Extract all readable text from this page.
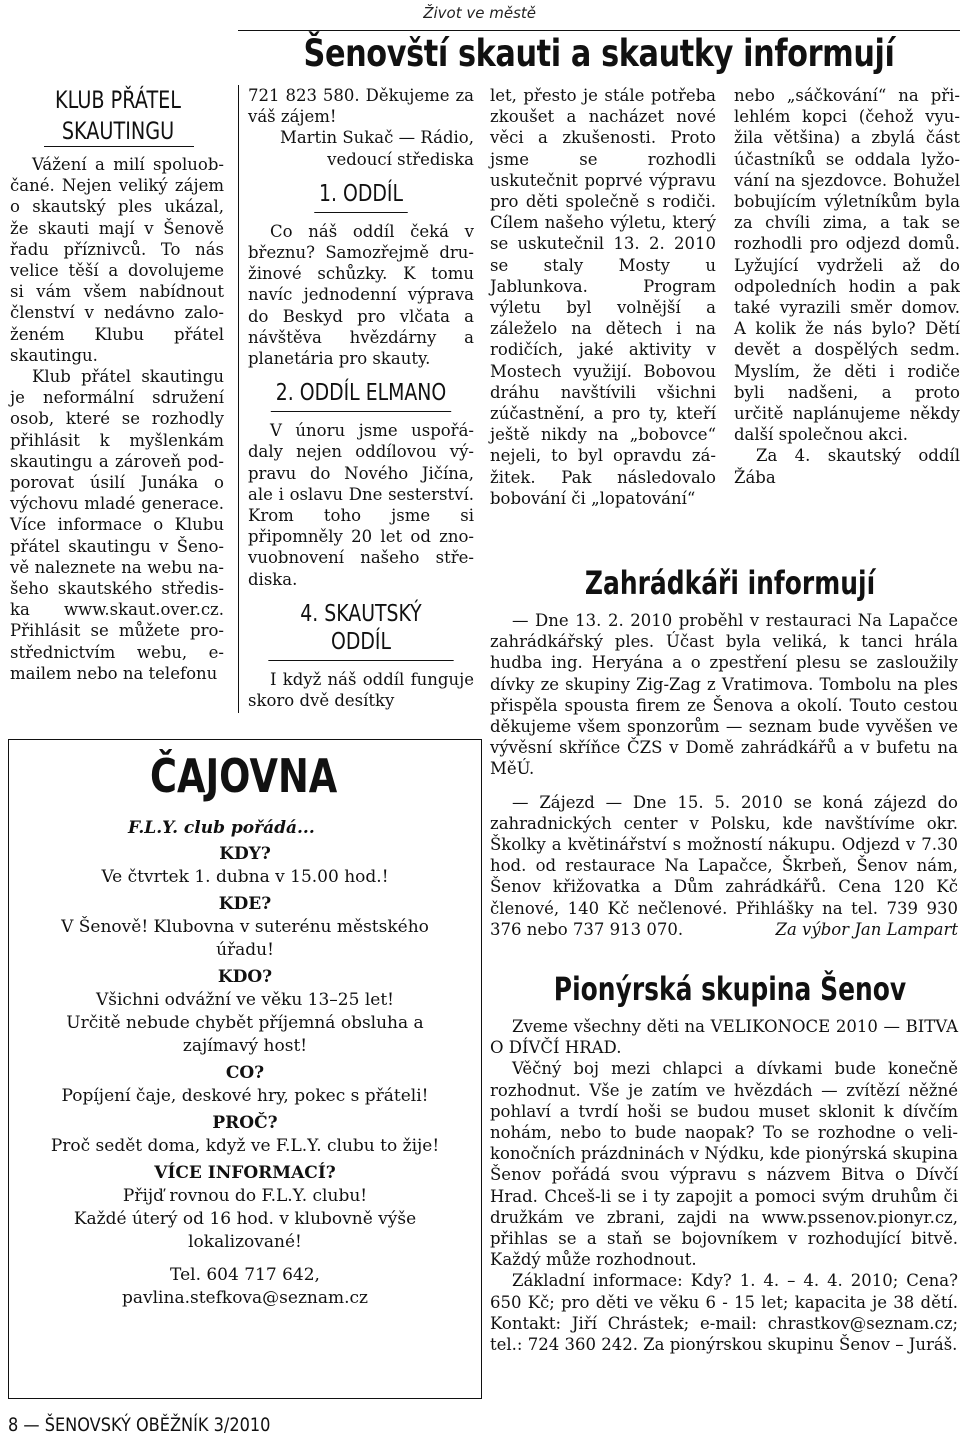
Život ve městě
Šenovští skauti a skautky informují
KLUB PŘÁTEL SKAUTINGU

Vážení a milí spoluobčané. Nejen veliký zájem o skautský ples ukázal, že skauti mají v Šenově řadu příznivců. To nás velice těší a dovolujeme si vám všem nabídnout členství v nedávno založeném Klubu přátel skautingu.

Klub přátel skautingu je neformální sdružení osob, které se rozhodly přihlásit k myšlenkám skautingu a zároveň podporovat úsilí Junáka o výchovu mladé generace. Více informace o Klubu přátel skautingu v Šenově naleznete na webu našeho skautského střediska www.skaut.over.cz. Přihlásit se můžete prostřednictvím webu, e-mailem nebo na telefonu

721 823 580. Děkujeme za váš zájem!

Martin Sukač — Rádio, vedoucí střediska

1. ODDÍL

Co náš oddíl čeká v březnu? Samozřejmě družinové schůzky. K tomu navíc jednodenní výprava do Beskyd pro vlčata a návštěva hvězdárny a planetária pro skauty.

2. ODDÍL ELMANO

V únoru jsme uspořádaly nejen oddílovou výpravu do Nového Jičína, ale i oslavu Dne sesterství. Krom toho jsme si připomněly 20 let od znovuobnovení našeho střediska.

4. SKAUTSKÝ ODDÍL

I když náš oddíl funguje skoro dvě desítky

let, přesto je stále potřeba zkoušet a nacházet nové věci a zkušenosti. Proto jsme se rozhodli uskutečnit poprvé výpravu pro děti společně s rodiči. Cílem našeho výletu, který se uskutečnil 13. 2. 2010 se staly Mosty u Jablunkova. Program výletu byl volnější a záleželo na dětech i na rodičích, jaké aktivity v Mostech využijí. Bobovou dráhu navštívili všichni zúčastnění, a pro ty, kteří ještě nikdy na „bobovce“ nejeli, to byl opravdu zážitek. Pak následovalo bobování či „lopatování“

nebo „sáčkování“ na přilehlém kopci (čehož využila většina) a zbylá část účastníků se oddala lyžování na sjezdovce. Bohužel bobujícím výletníkům byla za chvíli zima, a tak se rozhodli pro odjezd domů. Lyžující vydrželi až do odpoledních hodin a pak také vyrazili směr domov. A kolik že nás bylo? Dětí devět a dospělých sedm. Myslím, že děti i rodiče byli nadšeni, a proto určitě naplánujeme někdy další společnou akci.

Za 4. skautský oddíl Žába

ČAJOVNA
F.L.Y. club pořádá...
KDY?
Ve čtvrtek 1. dubna v 15.00 hod.!
KDE?
V Šenově! Klubovna v suterénu městského úřadu!
KDO?
Všichni odvážní ve věku 13–25 let!
Určitě nebude chybět příjemná obsluha a zajímavý host!
CO?
Popíjení čaje, deskové hry, pokec s přáteli!
PROČ?
Proč sedět doma, když ve F.L.Y. clubu to žije!
VÍCE INFORMACÍ?
Přijď rovnou do F.L.Y. clubu!
Každé úterý od 16 hod. v klubovně výše lokalizované!
Tel. 604 717 642,
pavlina.stefkova@seznam.cz
8 — ŠENOVSKÝ OBĚŽNÍK 3/2010
Zahrádkáři informují

— Dne 13. 2. 2010 proběhl v restauraci Na Lapačce zahrádkářský ples. Účast byla veliká, k tanci hrála hudba ing. Heryána a o zpestření plesu se zasloužily dívky ze skupiny Zig-Zag z Vratimova. Tombolu na ples přispěla spousta firem ze Šenova a okolí. Touto cestou děkujeme všem sponzorům — seznam bude vyvěšen ve vývěsní skříňce ČZS v Domě zahrádkářů a v bufetu na MěÚ.

— Zájezd — Dne 15. 5. 2010 se koná zájezd do zahradnických center v Polsku, kde navštívíme okr. Školky a květinářství s možností nákupu. Odjezd v 7.30 hod. od restaurace Na Lapačce, Škrbeň, Šenov nám, Šenov křižovatka a Dům zahrádkářů. Cena 120 Kč členové, 140 Kč nečlenové. Přihlášky na tel. 739 930 376 nebo 737 913 070.	Za výbor Jan Lampart

Pionýrská skupina Šenov

Zveme všechny děti na VELIKONOCE 2010 — BITVA O DÍVČÍ HRAD.

Věčný boj mezi chlapci a dívkami bude konečně rozhodnut. Vše je zatím ve hvězdách — zvítězí něžné pohlaví a tvrdí hoši se budou muset sklonit k dívčím nohám, nebo to bude naopak? To se rozhodne o velikonočních prázdninách v Nýdku, kde pionýrská skupina Šenov pořádá svou výpravu s názvem Bitva o Dívčí Hrad. Chceš-li se i ty zapojit a pomoci svým druhům či družkám ve zbrani, zajdi na www.pssenov.pionyr.cz, přihlas se a staň se bojovníkem v rozhodující bitvě. Každý může rozhodnout.

Základní informace: Kdy? 1. 4. – 4. 4. 2010; Cena? 650 Kč; pro děti ve věku 6 - 15 let; kapacita je 38 dětí. Kontakt: Jiří Chrástek; e-mail: chrastkov@seznam.cz; tel.: 724 360 242. Za pionýrskou skupinu Šenov – Juráš.
